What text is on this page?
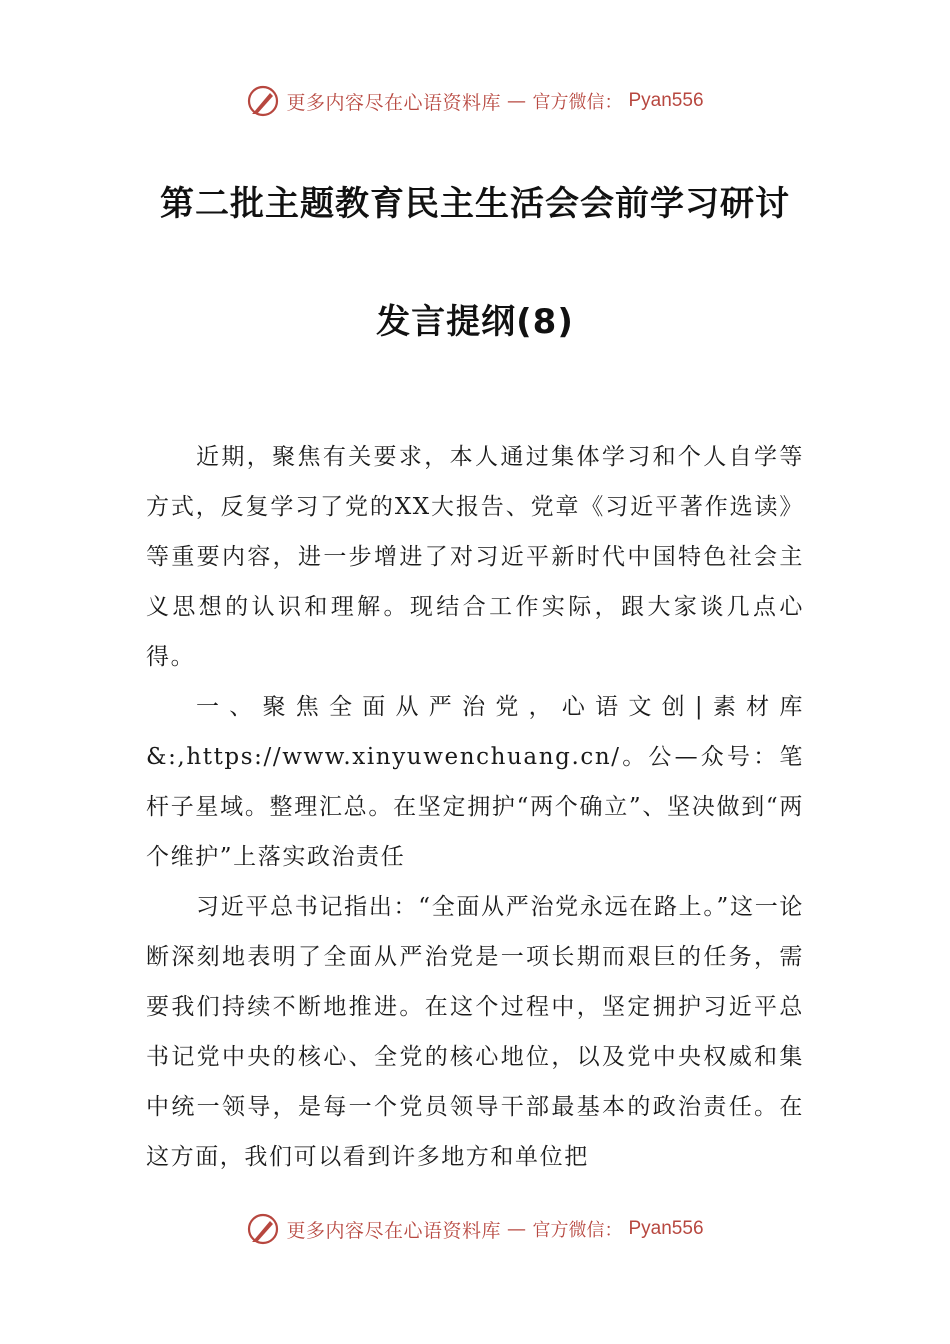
更多内容尽在心语资料库 — 官方微信： Pyan556
第二批主题教育民主生活会会前学习研讨
发言提纲(8)

近期，聚焦有关要求，本人通过集体学习和个人自学等方式，反复学习了党的XX大报告、党章《习近平著作选读》等重要内容，进一步增进了对习近平新时代中国特色社会主义思想的认识和理解。现结合工作实际，跟大家谈几点心得。

一、聚焦全面从严治党，心语文创|素材库&:,https://www.xinyuwenchuang.cn/。公—众号：笔杆子星域。整理汇总。在坚定拥护“两个确立”、坚决做到“两个维护”上落实政治责任

习近平总书记指出：“全面从严治党永远在路上。”这一论断深刻地表明了全面从严治党是一项长期而艰巨的任务，需要我们持续不断地推进。在这个过程中，坚定拥护习近平总书记党中央的核心、全党的核心地位，以及党中央权威和集中统一领导，是每一个党员领导干部最基本的政治责任。在这方面，我们可以看到许多地方和单位把

更多内容尽在心语资料库 — 官方微信： Pyan556
